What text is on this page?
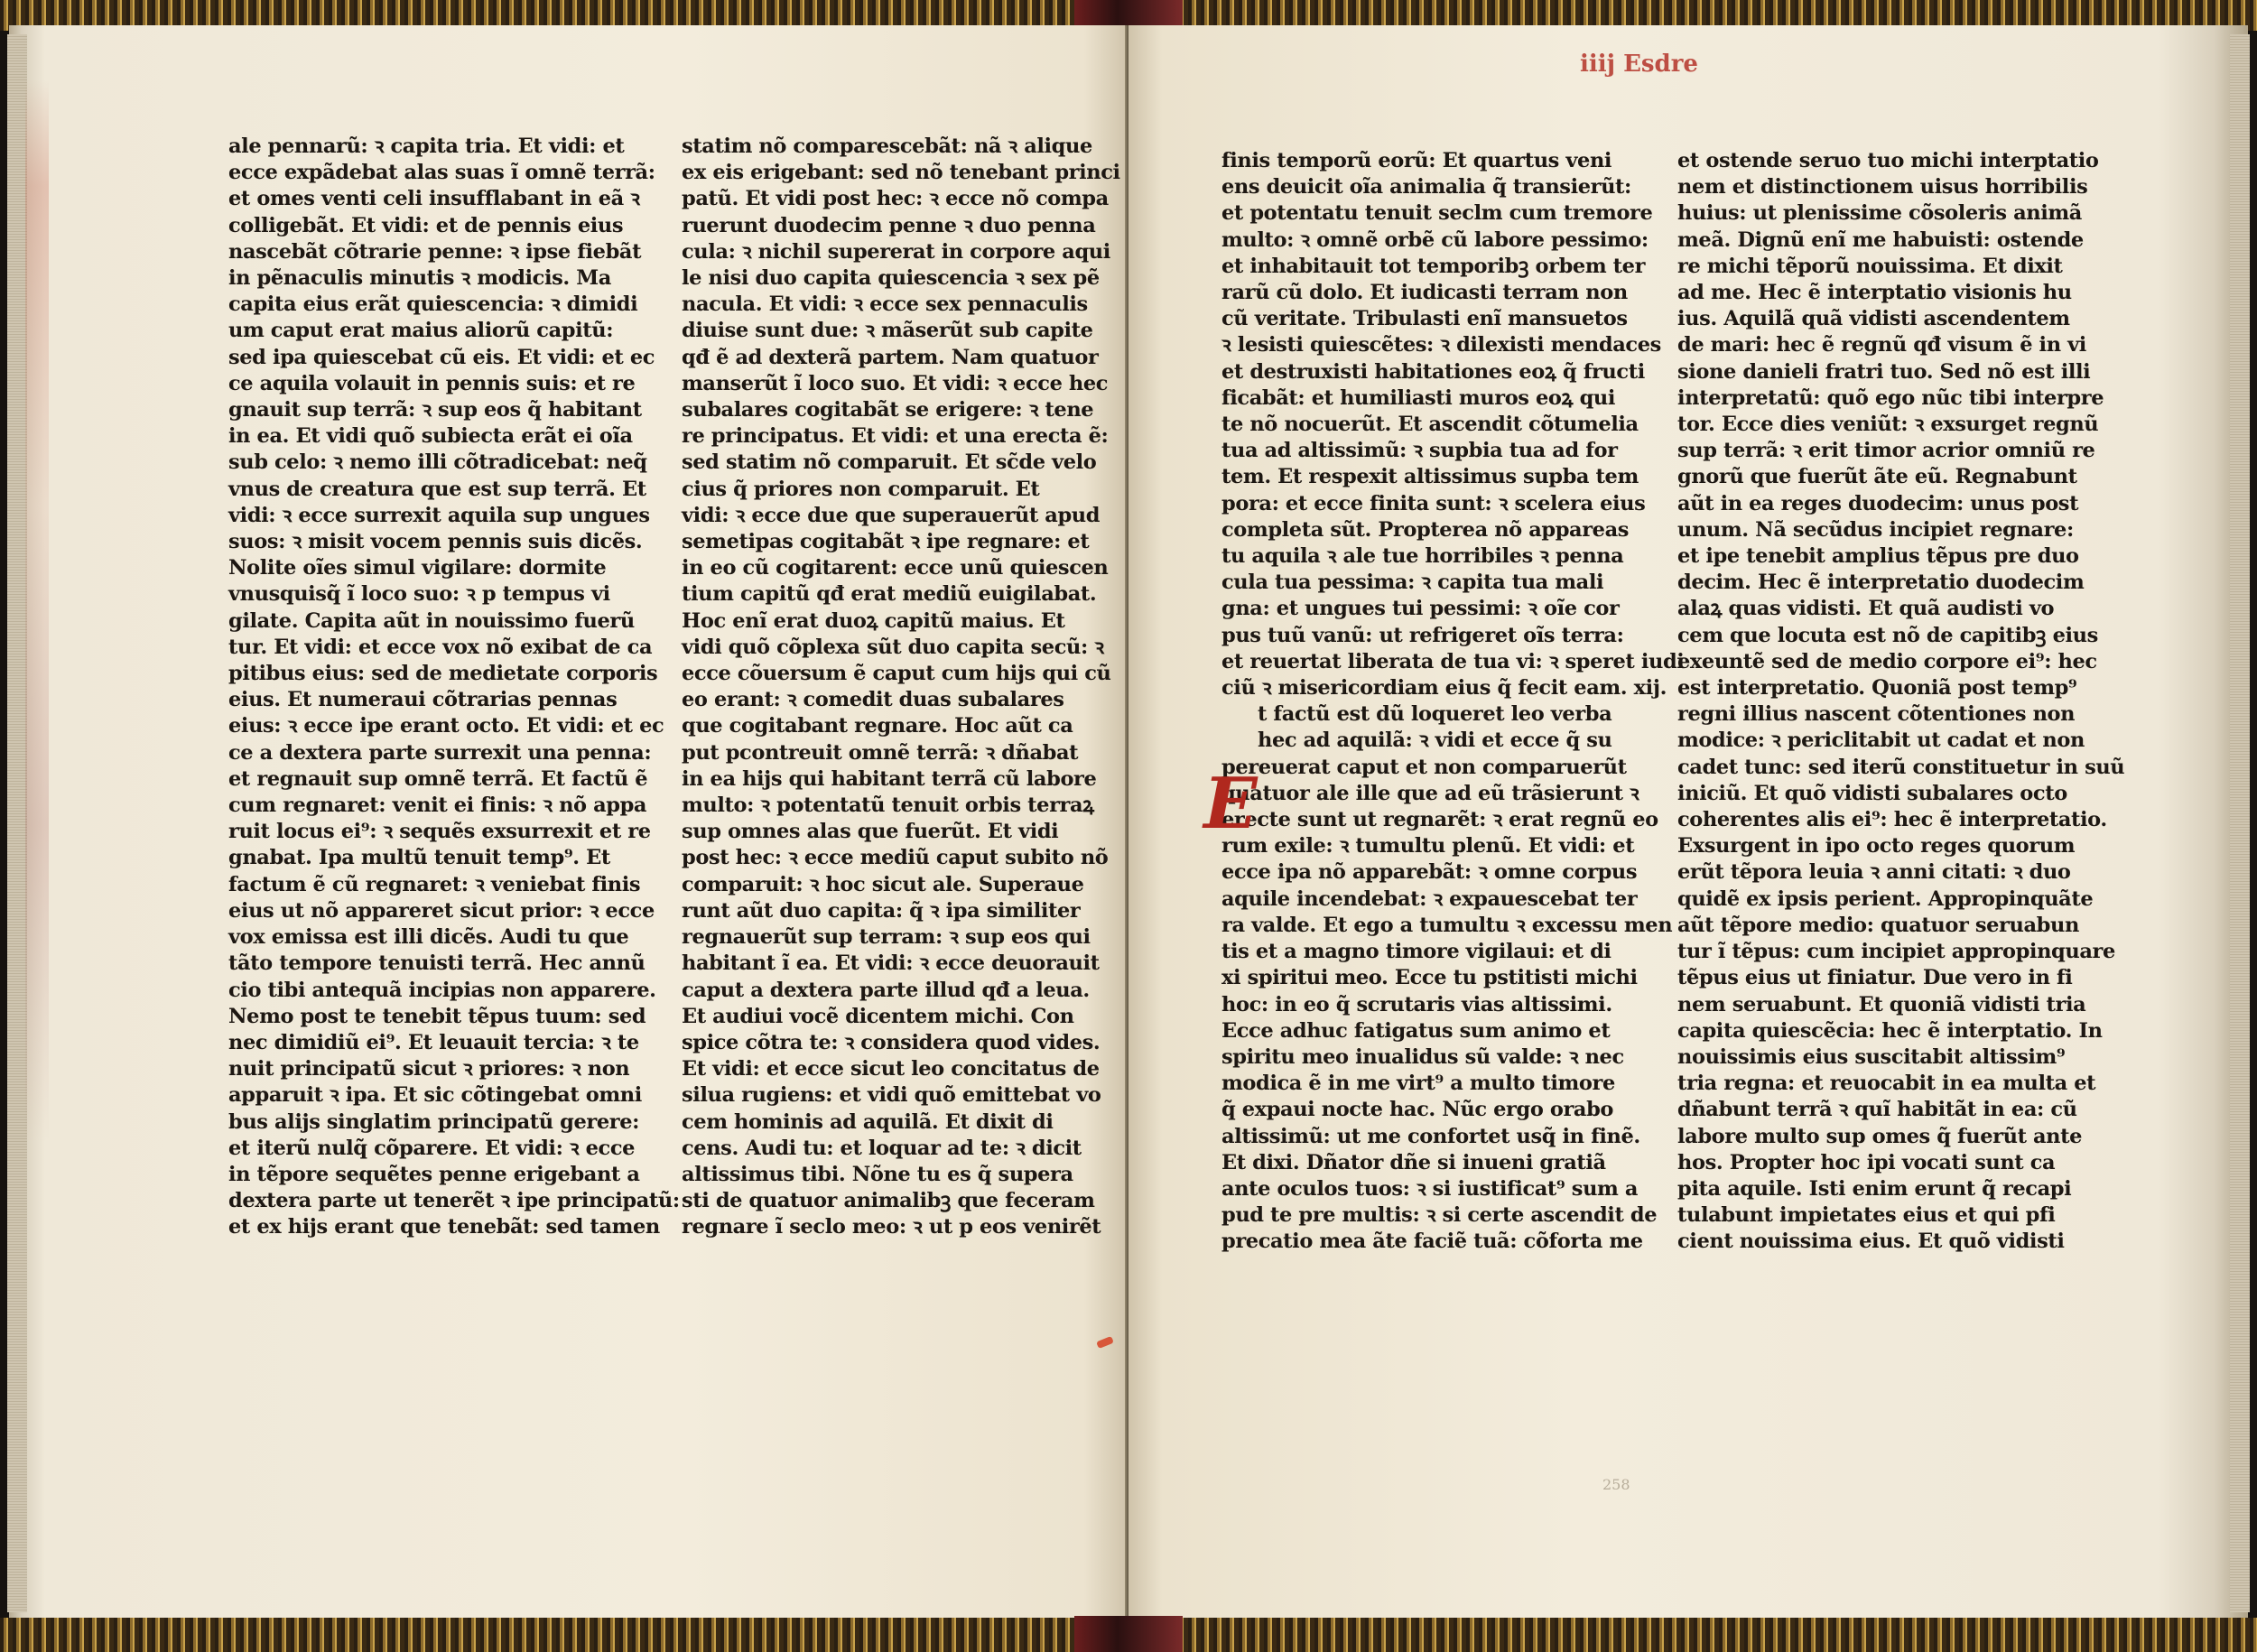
ale pennarũ: ꝛ capita tria. Et vidi: et
ecce expãdebat alas suas ĩ omnẽ terrã:
et omes venti celi insufflabant in eã ꝛ
colligebãt. Et vidi: et de pennis eius
nascebãt cõtrarie penne: ꝛ ipse fiebãt
in pẽnaculis minutis ꝛ modicis. Ma
capita eius erãt quiescencia: ꝛ dimidi
um caput erat maius aliorũ capitũ:
sed ipa quiescebat cũ eis. Et vidi: et ec
ce aquila volauit in pennis suis: et re
gnauit sup terrã: ꝛ sup eos q̃ habitant
in ea. Et vidi quõ subiecta erãt ei oĩa
sub celo: ꝛ nemo illi cõtradicebat: neq̃
vnus de creatura que est sup terrã. Et
vidi: ꝛ ecce surrexit aquila sup ungues
suos: ꝛ misit vocem pennis suis dicẽs.
Nolite oĩes simul vigilare: dormite
vnusquisq̃ ĩ loco suo: ꝛ p tempus vi
gilate. Capita aũt in nouissimo fuerũ
tur. Et vidi: et ecce vox nõ exibat de ca
pitibus eius: sed de medietate corporis
eius. Et numeraui cõtrarias pennas
eius: ꝛ ecce ipe erant octo. Et vidi: et ec
ce a dextera parte surrexit una penna:
et regnauit sup omnẽ terrã. Et factũ ẽ
cum regnaret: venit ei finis: ꝛ nõ appa
ruit locus ei⁹: ꝛ sequẽs exsurrexit et re
gnabat. Ipa multũ tenuit temp⁹. Et
factum ẽ cũ regnaret: ꝛ veniebat finis
eius ut nõ appareret sicut prior: ꝛ ecce
vox emissa est illi dicẽs. Audi tu que
tãto tempore tenuisti terrã. Hec annũ
cio tibi antequã incipias non apparere.
Nemo post te tenebit tẽpus tuum: sed
nec dimidiũ ei⁹. Et leuauit tercia: ꝛ te
nuit principatũ sicut ꝛ priores: ꝛ non
apparuit ꝛ ipa. Et sic cõtingebat omni
bus alijs singlatim principatũ gerere:
et iterũ nulq̃ cõparere. Et vidi: ꝛ ecce
in tẽpore sequẽtes penne erigebant a
dextera parte ut tenerẽt ꝛ ipe principatũ:
et ex hijs erant que tenebãt: sed tamen
statim nõ comparescebãt: nã ꝛ alique
ex eis erigebant: sed nõ tenebant princi
patũ. Et vidi post hec: ꝛ ecce nõ compa
ruerunt duodecim penne ꝛ duo penna
cula: ꝛ nichil supererat in corpore aqui
le nisi duo capita quiescencia ꝛ sex pẽ
nacula. Et vidi: ꝛ ecce sex pennaculis
diuise sunt due: ꝛ mãserũt sub capite
qđ ẽ ad dexterã partem. Nam quatuor
manserũt ĩ loco suo. Et vidi: ꝛ ecce hec
subalares cogitabãt se erigere: ꝛ tene
re principatus. Et vidi: et una erecta ẽ:
sed statim nõ comparuit. Et sc̃de velo
cius q̃ priores non comparuit. Et
vidi: ꝛ ecce due que superauerũt apud
semetipas cogitabãt ꝛ ipe regnare: et
in eo cũ cogitarent: ecce unũ quiescen
tium capitũ qđ erat mediũ euigilabat.
Hoc enĩ erat duoꝝ capitũ maius. Et
vidi quõ cõplexa sũt duo capita secũ: ꝛ
ecce cõuersum ẽ caput cum hijs qui cũ
eo erant: ꝛ comedit duas subalares
que cogitabant regnare. Hoc aũt ca
put pcontreuit omnẽ terrã: ꝛ dñabat
in ea hijs qui habitant terrã cũ labore
multo: ꝛ potentatũ tenuit orbis terraꝝ
sup omnes alas que fuerũt. Et vidi
post hec: ꝛ ecce mediũ caput subito nõ
comparuit: ꝛ hoc sicut ale. Superaue
runt aũt duo capita: q̃ ꝛ ipa similiter
regnauerũt sup terram: ꝛ sup eos qui
habitant ĩ ea. Et vidi: ꝛ ecce deuorauit
caput a dextera parte illud qđ a leua.
Et audiui vocẽ dicentem michi. Con
spice cõtra te: ꝛ considera quod vides.
Et vidi: et ecce sicut leo concitatus de
silua rugiens: et vidi quõ emittebat vo
cem hominis ad aquilã. Et dixit di
cens. Audi tu: et loquar ad te: ꝛ dicit
altissimus tibi. Nõne tu es q̃ supera
sti de quatuor animalibꝫ que feceram
regnare ĩ seclo meo: ꝛ ut p eos venirẽt
iiij Esdre
finis temporũ eorũ: Et quartus veni
ens deuicit oĩa animalia q̃ transierũt:
et potentatu tenuit seclm cum tremore
multo: ꝛ omnẽ orbẽ cũ labore pessimo:
et inhabitauit tot temporibꝫ orbem ter
rarũ cũ dolo. Et iudicasti terram non
cũ veritate. Tribulasti enĩ mansuetos
ꝛ lesisti quiescẽtes: ꝛ dilexisti mendaces
et destruxisti habitationes eoꝝ q̃ fructi
ficabãt: et humiliasti muros eoꝝ qui
te nõ nocuerũt. Et ascendit cõtumelia
tua ad altissimũ: ꝛ supbia tua ad for
tem. Et respexit altissimus supba tem
pora: et ecce finita sunt: ꝛ scelera eius
completa sũt. Propterea nõ appareas
tu aquila ꝛ ale tue horribiles ꝛ penna
cula tua pessima: ꝛ capita tua mali
gna: et ungues tui pessimi: ꝛ oĩe cor
pus tuũ vanũ: ut refrigeret oĩs terra:
et reuertat liberata de tua vi: ꝛ speret iudi
ciũ ꝛ misericordiam eius q̃ fecit eam. xij.
t factũ est dũ loqueret leo verba
hec ad aquilã: ꝛ vidi et ecce q̃ su
pereuerat caput et non comparuerũt
quatuor ale ille que ad eũ trãsierunt ꝛ
erecte sunt ut regnarẽt: ꝛ erat regnũ eo
rum exile: ꝛ tumultu plenũ. Et vidi: et
ecce ipa nõ apparebãt: ꝛ omne corpus
aquile incendebat: ꝛ expauescebat ter
ra valde. Et ego a tumultu ꝛ excessu men
tis et a magno timore vigilaui: et di
xi spiritui meo. Ecce tu pstitisti michi
hoc: in eo q̃ scrutaris vias altissimi.
Ecce adhuc fatigatus sum animo et
spiritu meo inualidus sũ valde: ꝛ nec
modica ẽ in me virt⁹ a multo timore
q̃ expaui nocte hac. Nũc ergo orabo
altissimũ: ut me confortet usq̃ in finẽ.
Et dixi. Dñator dñe si inueni gratiã
ante oculos tuos: ꝛ si iustificat⁹ sum a
pud te pre multis: ꝛ si certe ascendit de
precatio mea ãte faciẽ tuã: cõforta me
et ostende seruo tuo michi interptatio
nem et distinctionem uisus horribilis
huius: ut plenissime cõsoleris animã
meã. Dignũ enĩ me habuisti: ostende
re michi tẽporũ nouissima. Et dixit
ad me. Hec ẽ interptatio visionis hu
ius. Aquilã quã vidisti ascendentem
de mari: hec ẽ regnũ qđ visum ẽ in vi
sione danieli fratri tuo. Sed nõ est illi
interpretatũ: quõ ego nũc tibi interpre
tor. Ecce dies veniũt: ꝛ exsurget regnũ
sup terrã: ꝛ erit timor acrior omniũ re
gnorũ que fuerũt ãte eũ. Regnabunt
aũt in ea reges duodecim: unus post
unum. Nã secũdus incipiet regnare:
et ipe tenebit amplius tẽpus pre duo
decim. Hec ẽ interpretatio duodecim
alaꝝ quas vidisti. Et quã audisti vo
cem que locuta est nõ de capitibꝫ eius
exeuntẽ sed de medio corpore ei⁹: hec
est interpretatio. Quoniã post temp⁹
regni illius nascent cõtentiones non
modice: ꝛ periclitabit ut cadat et non
cadet tunc: sed iterũ constituetur in suũ
iniciũ. Et quõ vidisti subalares octo
coherentes alis ei⁹: hec ẽ interpretatio.
Exsurgent in ipo octo reges quorum
erũt tẽpora leuia ꝛ anni citati: ꝛ duo
quidẽ ex ipsis perient. Appropinquãte
aũt tẽpore medio: quatuor seruabun
tur ĩ tẽpus: cum incipiet appropinquare
tẽpus eius ut finiatur. Due vero in fi
nem seruabunt. Et quoniã vidisti tria
capita quiescẽcia: hec ẽ interptatio. In
nouissimis eius suscitabit altissim⁹
tria regna: et reuocabit in ea multa et
dñabunt terrã ꝛ quĩ habitãt in ea: cũ
labore multo sup omes q̃ fuerũt ante
hos. Propter hoc ipi vocati sunt ca
pita aquile. Isti enim erunt q̃ recapi
tulabunt impietates eius et qui pfi
cient nouissima eius. Et quõ vidisti
E
258
